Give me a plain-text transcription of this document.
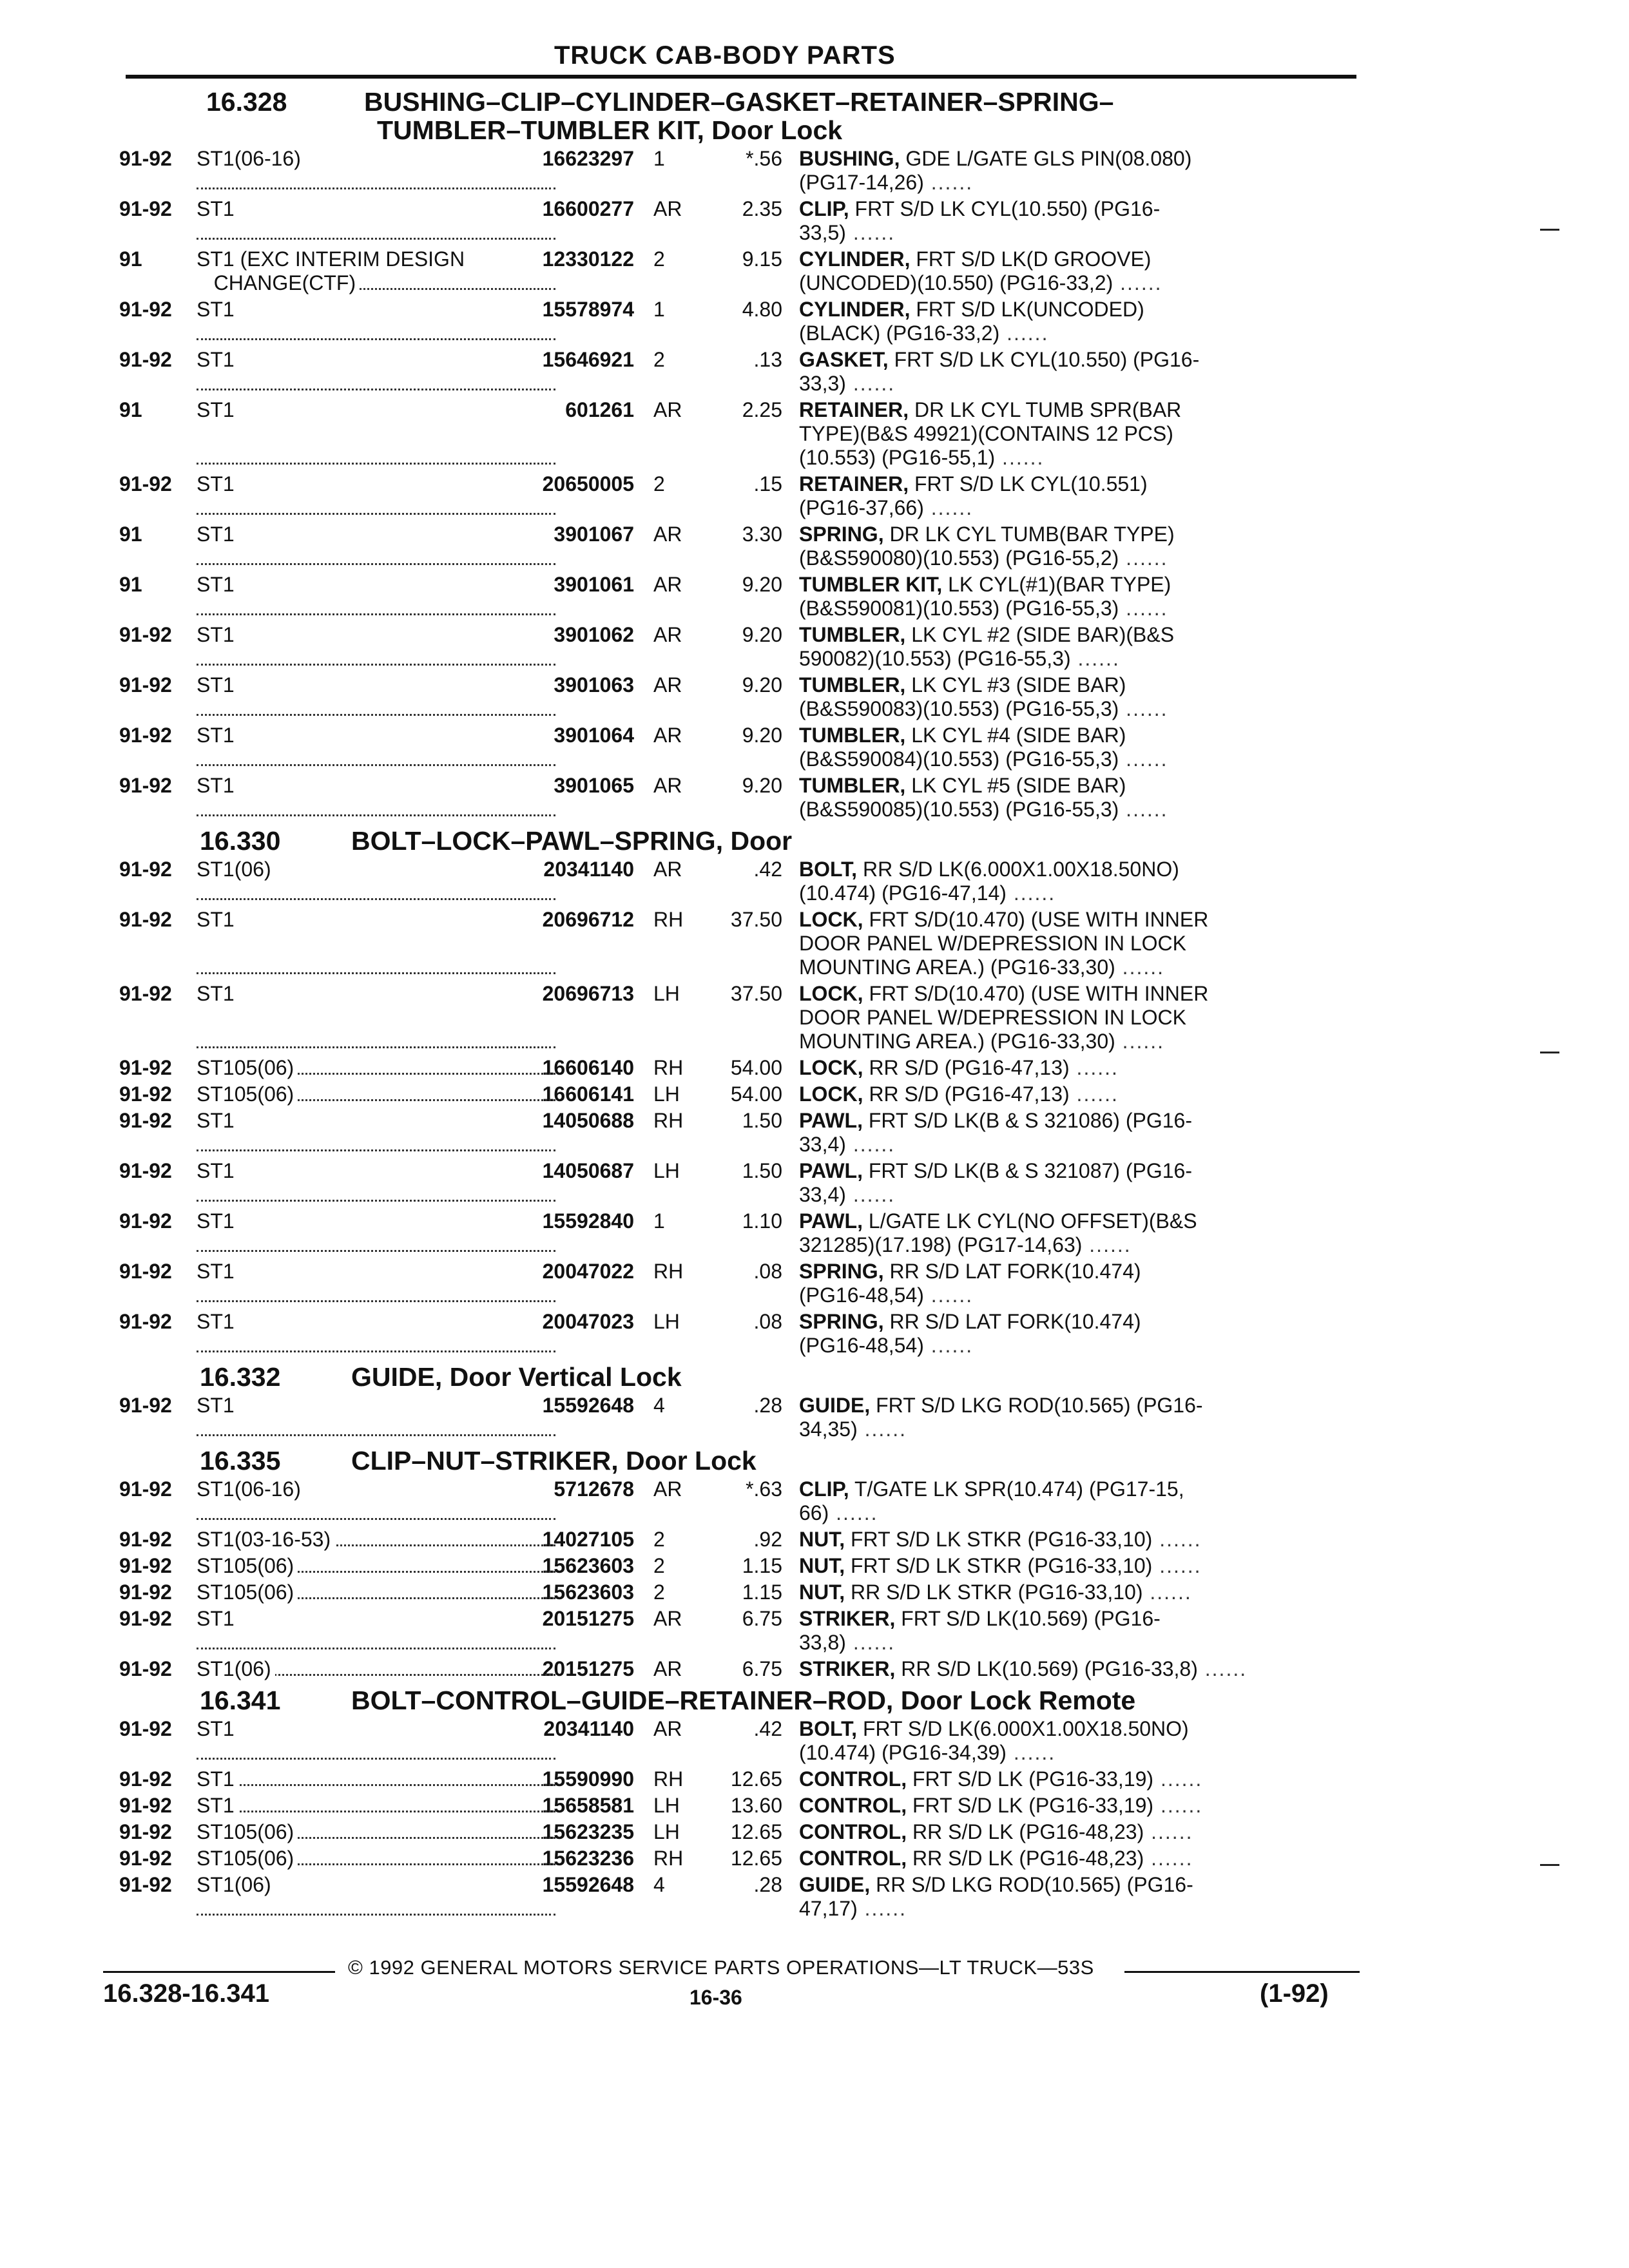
TRUCK CAB-BODY PARTS
16.328	BUSHING–CLIP–CYLINDER–GASKET–RETAINER–SPRING–
TUMBLER–TUMBLER KIT, Door Lock
91-92	ST1(06-16)	16623297 1	*.56 BUSHING, GDE L/GATE GLS PIN(08.080)
(PG17-14,26) ......
91-92	ST1	16600277 AR	2.35 CLIP, FRT S/D LK CYL(10.550) (PG16-
33,5) ......
91	ST1 (EXC INTERIM DESIGN
CHANGE(CTF)
12330122 2	9.15 CYLINDER, FRT S/D LK(D GROOVE)
(UNCODED)(10.550) (PG16-33,2) ......
91-92	ST1	15578974 1	4.80 CYLINDER, FRT S/D LK(UNCODED)
(BLACK) (PG16-33,2) ......
91-92	ST1	15646921 2	.13 GASKET, FRT S/D LK CYL(10.550) (PG16-
33,3) ......
91	ST1	601261 AR	2.25 RETAINER, DR LK CYL TUMB SPR(BAR
TYPE)(B&S 49921)(CONTAINS 12 PCS)
(10.553) (PG16-55,1) ......
91-92	ST1	20650005 2	.15 RETAINER, FRT S/D LK CYL(10.551)
(PG16-37,66) ......
91	ST1	3901067 AR	3.30 SPRING, DR LK CYL TUMB(BAR TYPE)
(B&S590080)(10.553) (PG16-55,2) ......
91	ST1	3901061 AR	9.20 TUMBLER KIT, LK CYL(#1)(BAR TYPE)
(B&S590081)(10.553) (PG16-55,3) ......
91-92	ST1	3901062 AR	9.20 TUMBLER, LK CYL #2 (SIDE BAR)(B&S
590082)(10.553) (PG16-55,3) ......
91-92	ST1	3901063 AR	9.20 TUMBLER, LK CYL #3 (SIDE BAR)
(B&S590083)(10.553) (PG16-55,3) ......
91-92	ST1	3901064 AR	9.20 TUMBLER, LK CYL #4 (SIDE BAR)
(B&S590084)(10.553) (PG16-55,3) ......
91-92	ST1	3901065 AR	9.20 TUMBLER, LK CYL #5 (SIDE BAR)
(B&S590085)(10.553) (PG16-55,3) ......
16.330	BOLT–LOCK–PAWL–SPRING, Door
91-92	ST1(06)	20341140 AR	.42 BOLT, RR S/D LK(6.000X1.00X18.50NO)
(10.474) (PG16-47,14) ......
91-92	ST1	20696712 RH	37.50 LOCK, FRT S/D(10.470) (USE WITH INNER
DOOR PANEL W/DEPRESSION IN LOCK
MOUNTING AREA.) (PG16-33,30) ......
91-92	ST1	20696713 LH	37.50 LOCK, FRT S/D(10.470) (USE WITH INNER
DOOR PANEL W/DEPRESSION IN LOCK
MOUNTING AREA.) (PG16-33,30) ......
91-92	ST105(06)	16606140 RH	54.00 LOCK, RR S/D (PG16-47,13) ......
91-92	ST105(06)	16606141 LH	54.00 LOCK, RR S/D (PG16-47,13) ......
91-92	ST1	14050688 RH	1.50 PAWL, FRT S/D LK(B & S 321086) (PG16-
33,4) ......
91-92	ST1	14050687 LH	1.50 PAWL, FRT S/D LK(B & S 321087) (PG16-
33,4) ......
91-92	ST1	15592840 1	1.10 PAWL, L/GATE LK CYL(NO OFFSET)(B&S
321285)(17.198) (PG17-14,63) ......
91-92	ST1	20047022 RH	.08 SPRING, RR S/D LAT FORK(10.474)
(PG16-48,54) ......
91-92	ST1	20047023 LH	.08 SPRING, RR S/D LAT FORK(10.474)
(PG16-48,54) ......
16.332	GUIDE, Door Vertical Lock
91-92	ST1	15592648 4	.28 GUIDE, FRT S/D LKG ROD(10.565) (PG16-
34,35) ......
16.335	CLIP–NUT–STRIKER, Door Lock
91-92	ST1(06-16)	5712678 AR	*.63 CLIP, T/GATE LK SPR(10.474) (PG17-15,
66) ......
91-92	ST1(03-16-53)	14027105 2	.92 NUT, FRT S/D LK STKR (PG16-33,10) ......
91-92	ST105(06)	15623603 2	1.15 NUT, FRT S/D LK STKR (PG16-33,10) ......
91-92	ST105(06)	15623603 2	1.15 NUT, RR S/D LK STKR (PG16-33,10) ......
91-92	ST1	20151275 AR	6.75 STRIKER, FRT S/D LK(10.569) (PG16-
33,8) ......
91-92	ST1(06)	20151275 AR	6.75 STRIKER, RR S/D LK(10.569) (PG16-33,8) ......
16.341	BOLT–CONTROL–GUIDE–RETAINER–ROD, Door Lock Remote
91-92	ST1	20341140 AR	.42 BOLT, FRT S/D LK(6.000X1.00X18.50NO)
(10.474) (PG16-34,39) ......
91-92	ST1	15590990 RH	12.65 CONTROL, FRT S/D LK (PG16-33,19) ......
91-92	ST1	15658581 LH	13.60 CONTROL, FRT S/D LK (PG16-33,19) ......
91-92	ST105(06)	15623235 LH	12.65 CONTROL, RR S/D LK (PG16-48,23) ......
91-92	ST105(06)	15623236 RH	12.65 CONTROL, RR S/D LK (PG16-48,23) ......
91-92	ST1(06)	15592648 4	.28 GUIDE, RR S/D LKG ROD(10.565) (PG16-
47,17) ......
© 1992 GENERAL MOTORS SERVICE PARTS OPERATIONS—LT TRUCK—53S
16.328-16.341	16-36	(1-92)
